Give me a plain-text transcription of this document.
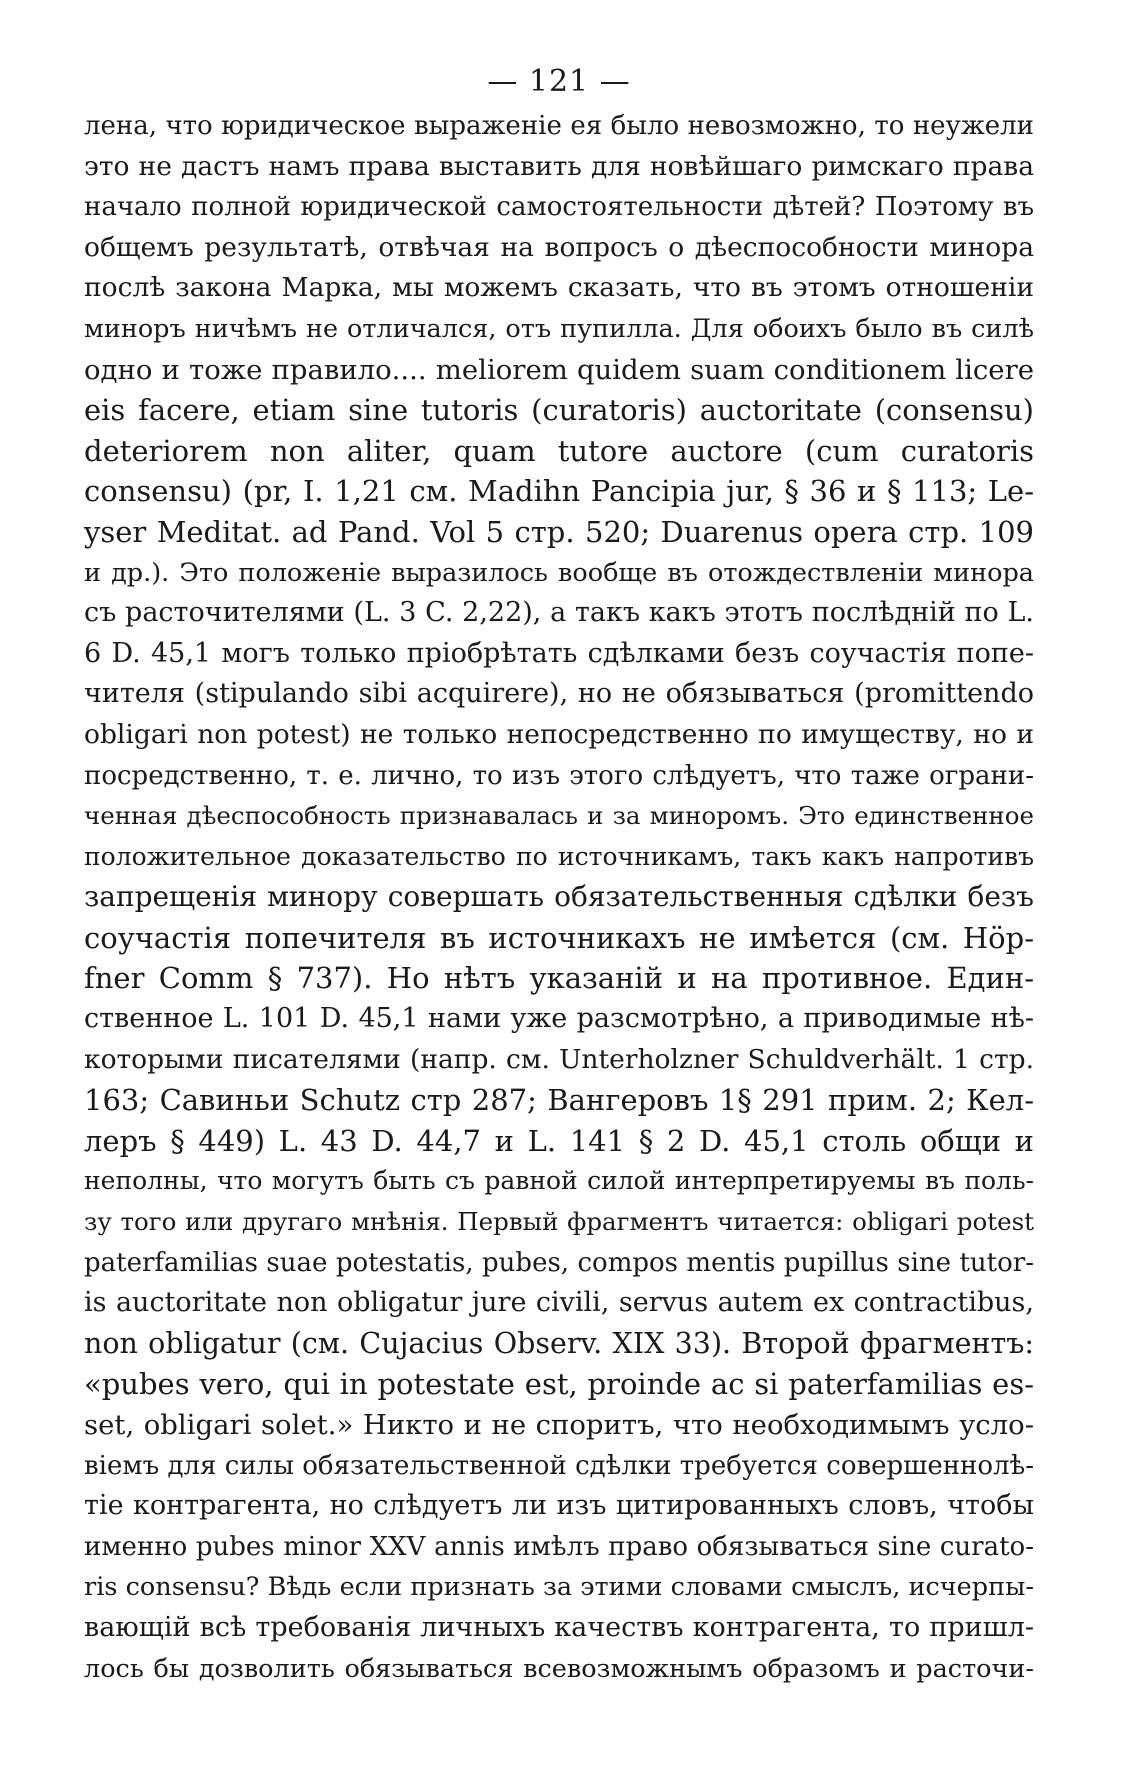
— 121 —
лена, что юридическое выраженіе ея было невозможно, то неужели
это не дастъ намъ права выставить для новѣйшаго римскаго права
начало полной юридической самостоятельности дѣтей? Поэтому въ
общемъ результатѣ, отвѣчая на вопросъ о дѣеспособности минора
послѣ закона Марка, мы можемъ сказать, что въ этомъ отношеніи
миноръ ничѣмъ не отличался, отъ пупилла. Для обоихъ было въ силѣ
одно и тоже правило.... meliorem quidem suam conditionem licere
eis facere, etiam sine tutoris (curatoris) auctoritate (consensu)
deteriorem non aliter, quam tutore auctore (cum curatoris
consensu) (pr, I. 1,21 см. Madihn Pancipia jur, § 36 и § 113; Le-
yser Meditat. ad Pand. Vol 5 стр. 520; Duarenus opera стр. 109
и др.). Это положеніе выразилось вообще въ отождествленіи минора
съ расточителями (L. 3 C. 2,22), а такъ какъ этотъ послѣдній по L.
6 D. 45,1 могъ только пріобрѣтать сдѣлками безъ соучастія попе-
чителя (stipulando sibi acquirere), но не обязываться (promittendo
obligari non potest) не только непосредственно по имуществу, но и
посредственно, т. е. лично, то изъ этого слѣдуетъ, что таже ограни-
ченная дѣеспособность признавалась и за миноромъ. Это единственное
положительное доказательство по источникамъ, такъ какъ напротивъ
запрещенія минору совершать обязательственныя сдѣлки безъ
соучастія попечителя въ источникахъ не имѣется (см. Höp-
fner Comm § 737). Но нѣтъ указаній и на противное. Един-
ственное L. 101 D. 45,1 нами уже разсмотрѣно, а приводимые нѣ-
которыми писателями (напр. см. Unterholzner Schuldverhält. 1 стр.
163; Савиньи Schutz стр 287; Вангеровъ 1§ 291 прим. 2; Кел-
леръ § 449) L. 43 D. 44,7 и L. 141 § 2 D. 45,1 столь общи и
неполны, что могутъ быть съ равной силой интерпретируемы въ поль-
зу того или другаго мнѣнія. Первый фрагментъ читается: obligari potest
paterfamilias suae potestatis, pubes, compos mentis pupillus sine tutor-
is auctoritate non obligatur jure civili, servus autem ex contractibus,
non obligatur (см. Cujacius Observ. XIX 33). Второй фрагментъ:
«pubes vero, qui in potestate est, proinde ac si paterfamilias es-
set, obligari solet.» Никто и не споритъ, что необходимымъ усло-
віемъ для силы обязательственной сдѣлки требуется совершеннолѣ-
тіе контрагента, но слѣдуетъ ли изъ цитированныхъ словъ, чтобы
именно pubes minor XXV annis имѣлъ право обязываться sine curato-
ris consensu? Вѣдь если признать за этими словами смыслъ, исчерпы-
вающій всѣ требованія личныхъ качествъ контрагента, то пришл-
лось бы дозволить обязываться всевозможнымъ образомъ и расточи-
